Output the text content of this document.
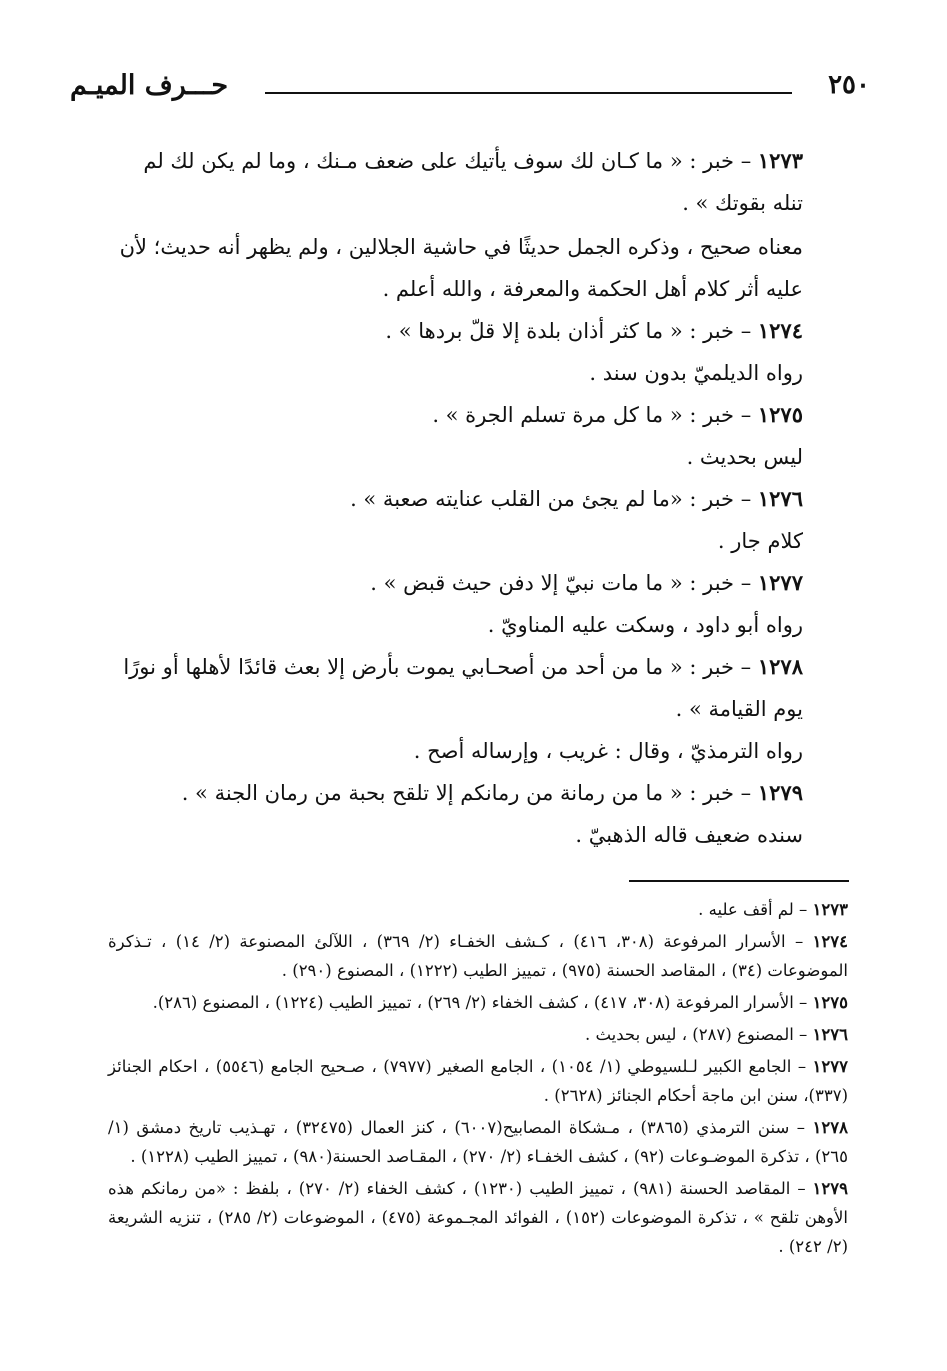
٢٥٠
حـــرف الميـم

١٢٧٣ – خبر : « ما كـان لك سوف يأتيك على ضعف مـنك ، وما لم يكن لك لم تنله بقوتك » .

معناه صحيح ، وذكره الجمل حديثًا في حاشية الجلالين ، ولم يظهر أنه حديث؛ لأن عليه أثر كلام أهل الحكمة والمعرفة ، والله أعلم .

١٢٧٤ – خبر : « ما كثر أذان بلدة إلا قلّ بردها » .

رواه الديلميّ بدون سند .

١٢٧٥ – خبر : « ما كل مرة تسلم الجرة » .

ليس بحديث .

١٢٧٦ – خبر : «ما لم يجئ من القلب عنايته صعبة » .

كلام جار .

١٢٧٧ – خبر : « ما مات نبيّ إلا دفن حيث قبض » .

رواه أبو داود ، وسكت عليه المناويّ .

١٢٧٨ – خبر : « ما من أحد من أصحـابي يموت بأرض إلا بعث قائدًا لأهلها أو نورًا يوم القيامة » .

رواه الترمذيّ ، وقال : غريب ، وإرساله أصح .

١٢٧٩ – خبر : « ما من رمانة من رمانكم إلا تلقح بحبة من رمان الجنة » .

سنده ضعيف قاله الذهبيّ .

١٢٧٣ – لم أقف عليه .

١٢٧٤ – الأسرار المرفوعة (٣٠٨، ٤١٦) ، كـشف الخفـاء (٢/ ٣٦٩) ، اللآلئ المصنوعة (٢/ ١٤) ، تـذكرة الموضوعات (٣٤) ، المقاصد الحسنة (٩٧٥) ، تمييز الطيب (١٢٢٢) ، المصنوع (٢٩٠) .

١٢٧٥ – الأسرار المرفوعة (٣٠٨، ٤١٧) ، كشف الخفاء (٢/ ٢٦٩) ، تمييز الطيب (١٢٢٤) ، المصنوع (٢٨٦).

١٢٧٦ – المصنوع (٢٨٧) ، ليس بحديث .

١٢٧٧ – الجامع الكبير لـلسيوطي (١/ ١٠٥٤) ، الجامع الصغير (٧٩٧٧) ، صـحيح الجامع (٥٥٤٦) ، احكام الجنائز (٣٣٧)، سنن ابن ماجة أحكام الجنائز (٢٦٢٨) .

١٢٧٨ – سنن الترمذي (٣٨٦٥) ، مـشكاة المصابيح(٦٠٠٧) ، كنز العمال (٣٢٤٧٥) ، تهـذيب تاريخ دمشق (١/ ٢٦٥) ، تذكرة الموضـوعات (٩٢) ، كشف الخفـاء (٢/ ٢٧٠) ، المقـاصد الحسنة(٩٨٠) ، تمييز الطيب (١٢٢٨) .

١٢٧٩ – المقاصد الحسنة (٩٨١) ، تمييز الطيب (١٢٣٠) ، كشف الخفاء (٢/ ٢٧٠) ، بلفظ : «من رمانكم هذه الأوهن تلقح » ، تذكرة الموضوعات (١٥٢) ، الفوائد المجـموعة (٤٧٥) ، الموضوعات (٢/ ٢٨٥) ، تنزيه الشريعة (٢/ ٢٤٢) .
